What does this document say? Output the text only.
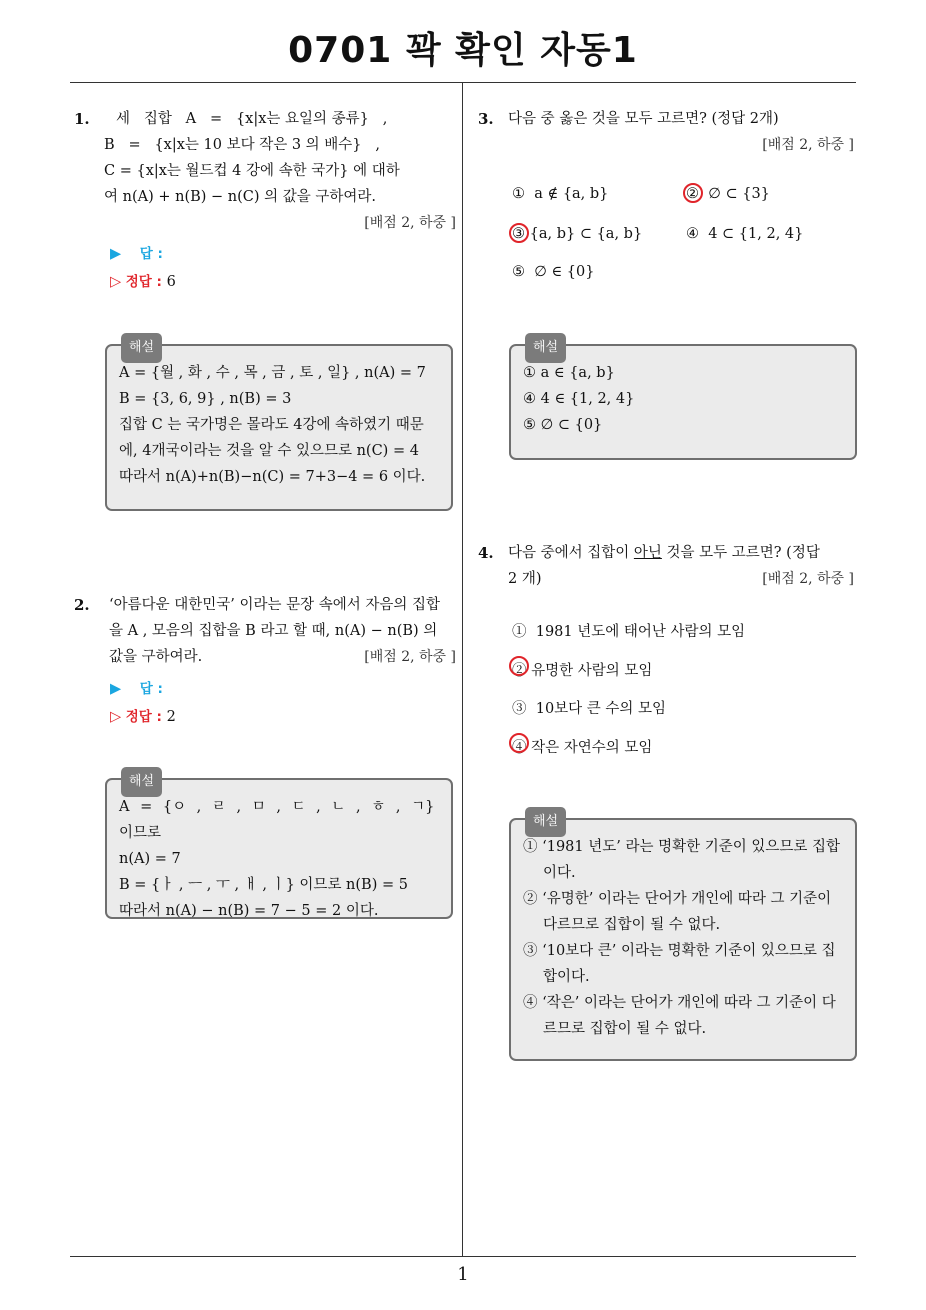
0701 꽉 확인 자동1
1
1.	세   집합   A   =   {x|x는 요일의 종류}   ,
B   =   {x|x는 10 보다 작은 3 의 배수}   ,
C = {x|x는 월드컵 4 강에 속한 국가} 에 대하
여 n(A) + n(B) − n(C) 의 값을 구하여라.
[배점 2, 하중 ]
▶ 답 :
▷ 정답 : 6
해설

A = {월 , 화 , 수 , 목 , 금 , 토 , 일} , n(A) = 7

B = {3, 6, 9} , n(B) = 3

집합 C 는 국가명은 몰라도 4강에 속하였기 때문

에, 4개국이라는 것을 알 수 있으므로 n(C) = 4

따라서 n(A)+n(B)−n(C) = 7+3−4 = 6 이다.

2. ‘아름다운 대한민국’ 이라는 문장 속에서 자음의 집합
을 A , 모음의 집합을 B 라고 할 때, n(A) − n(B) 의
값을 구하여라.	[배점 2, 하중 ]
▶ 답 :
▷ 정답 : 2
해설

A = {ㅇ , ㄹ , ㅁ , ㄷ , ㄴ , ㅎ , ㄱ} 이므로

n(A) = 7

B = {ㅏ , ㅡ , ㅜ , ㅐ , ㅣ} 이므로 n(B) = 5

따라서 n(A) − n(B) = 7 − 5 = 2 이다.

3. 다음 중 옳은 것을 모두 고르면? (정답 2개)
[배점 2, 하중 ]
① a ∉ {a, b}	② ∅ ⊂ {3}
③ {a, b} ⊂ {a, b}	④ 4 ⊂ {1, 2, 4}
⑤ ∅ ∈ {0}
해설

① a ∈ {a, b}

④ 4 ∈ {1, 2, 4}

⑤ ∅ ⊂ {0}

4. 다음 중에서 집합이 아닌 것을 모두 고르면? (정답
2 개)	[배점 2, 하중 ]
① 1981 년도에 태어난 사람의 모임
② 유명한 사람의 모임
③ 10보다 큰 수의 모임
④ 작은 자연수의 모임
해설

① ‘1981 년도’ 라는 명확한 기준이 있으므로 집합 이다.

② ‘유명한’ 이라는 단어가 개인에 따라 그 기준이 다르므로 집합이 될 수 없다.

③ ‘10보다 큰’ 이라는 명확한 기준이 있으므로 집 합이다.

④ ‘작은’ 이라는 단어가 개인에 따라 그 기준이 다 르므로 집합이 될 수 없다.
